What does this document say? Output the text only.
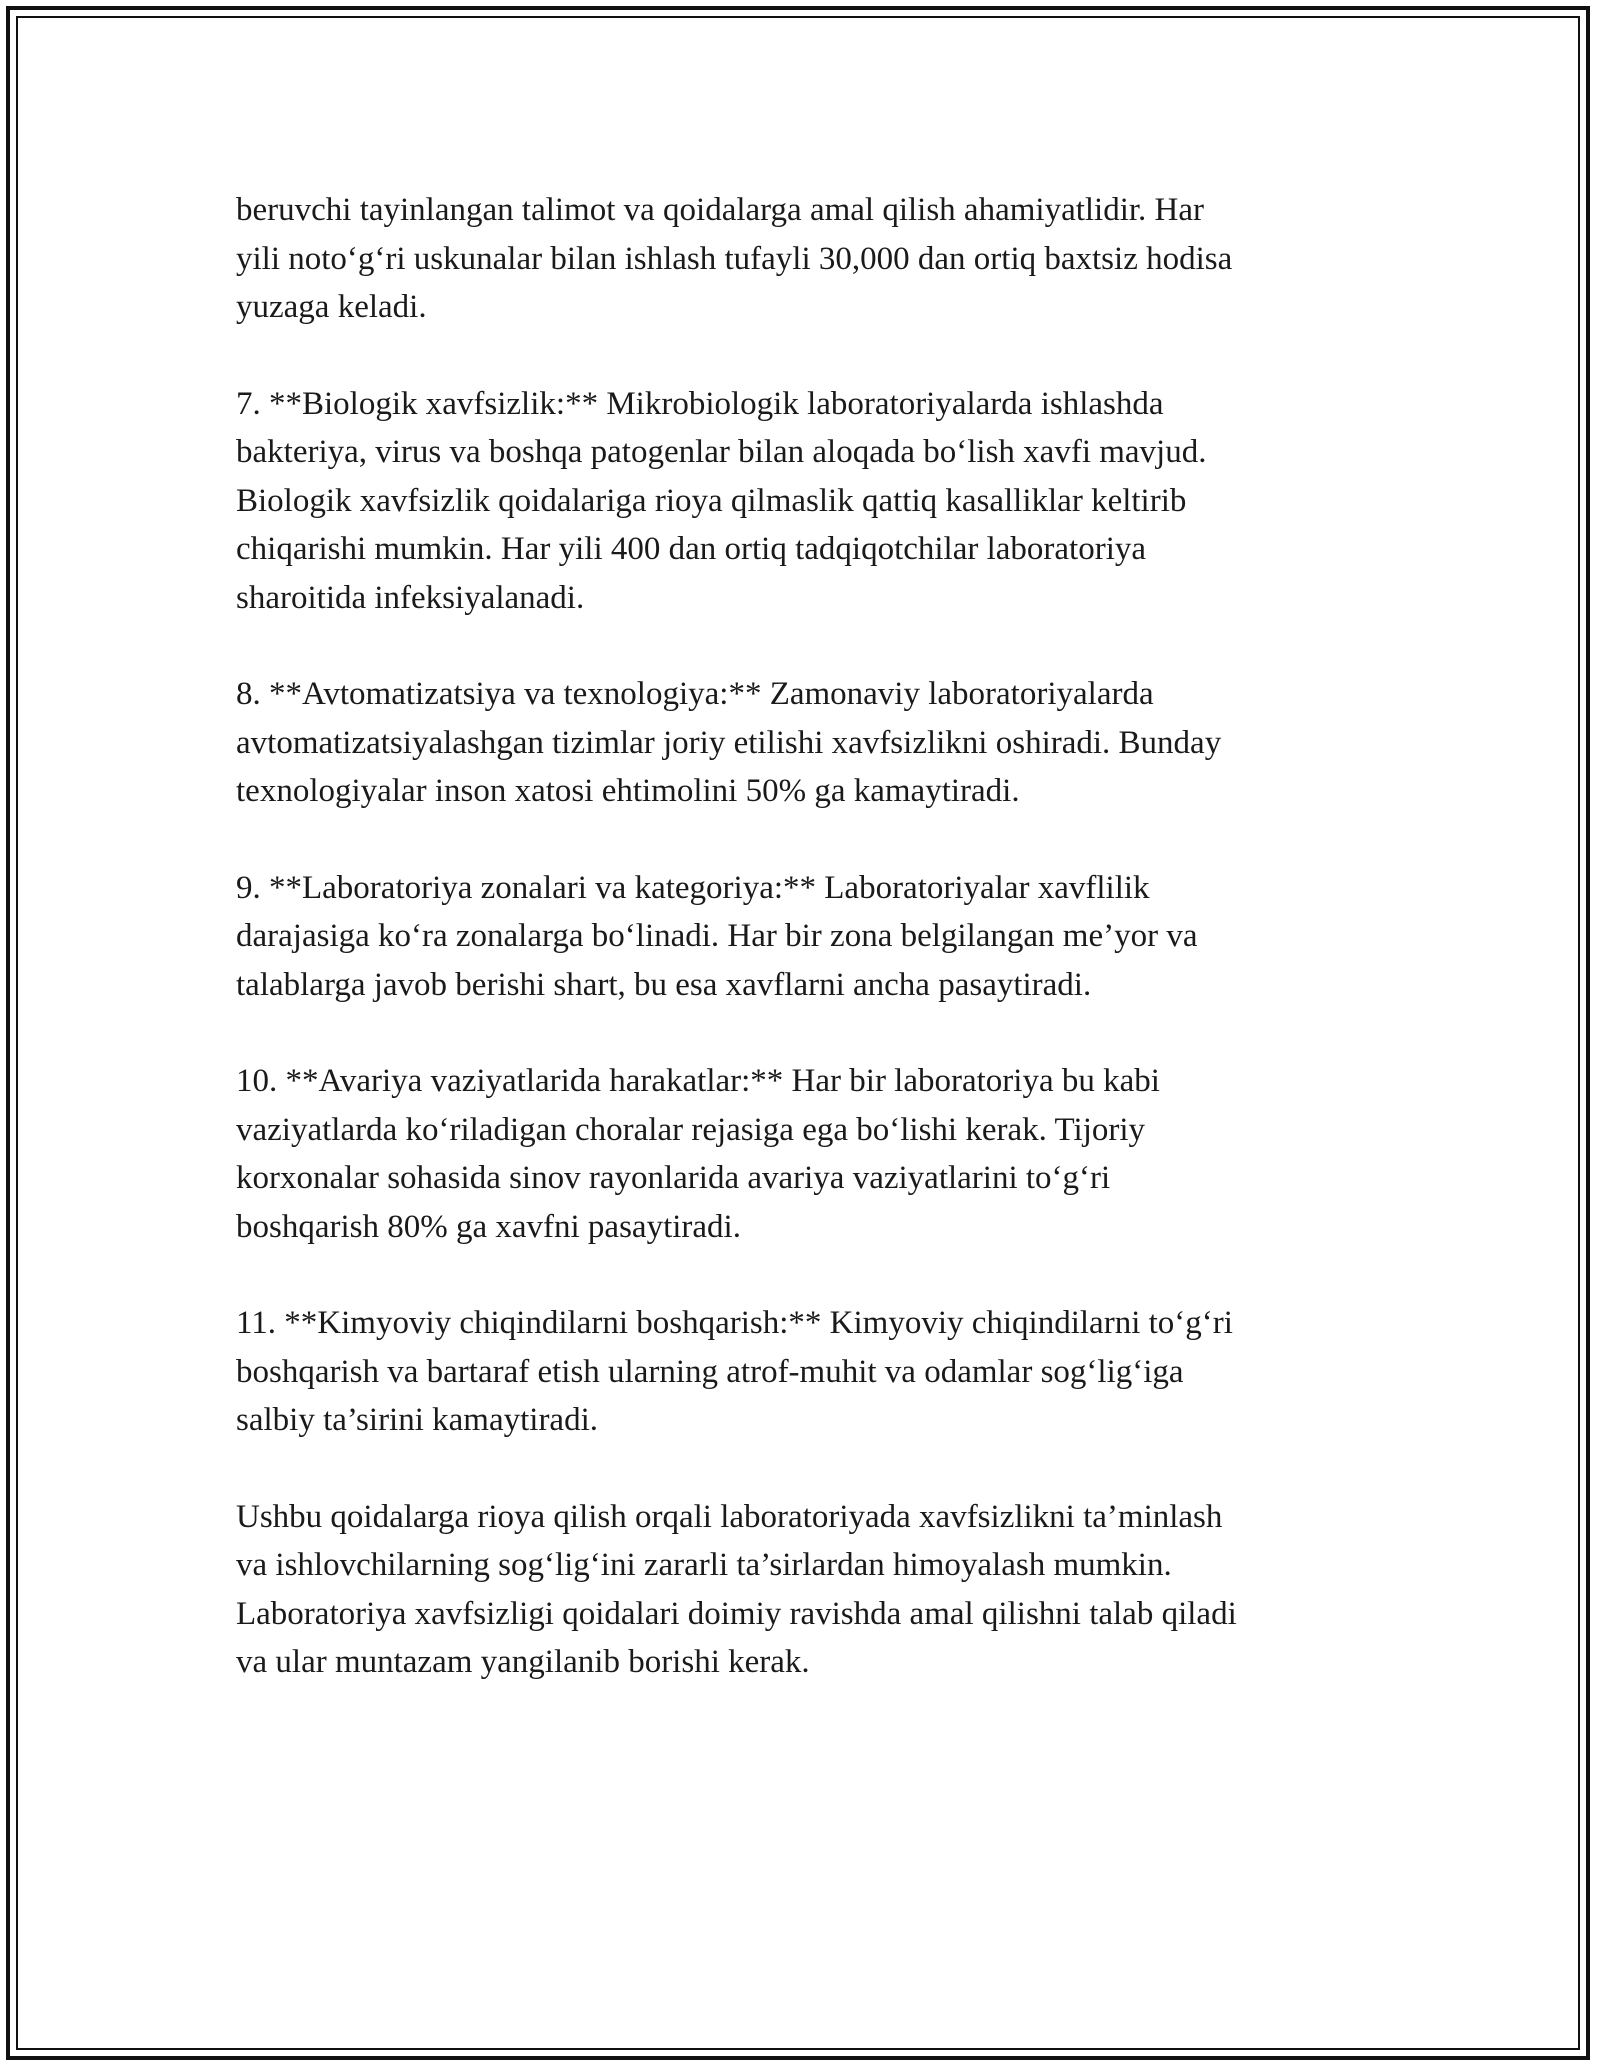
beruvchi tayinlangan talimot va qoidalarga amal qilish ahamiyatlidir. Har
yili noto‘g‘ri uskunalar bilan ishlash tufayli 30,000 dan ortiq baxtsiz hodisa
yuzaga keladi.

7. **Biologik xavfsizlik:** Mikrobiologik laboratoriyalarda ishlashda
bakteriya, virus va boshqa patogenlar bilan aloqada bo‘lish xavfi mavjud.
Biologik xavfsizlik qoidalariga rioya qilmaslik qattiq kasalliklar keltirib
chiqarishi mumkin. Har yili 400 dan ortiq tadqiqotchilar laboratoriya
sharoitida infeksiyalanadi.

8. **Avtomatizatsiya va texnologiya:** Zamonaviy laboratoriyalarda
avtomatizatsiyalashgan tizimlar joriy etilishi xavfsizlikni oshiradi. Bunday
texnologiyalar inson xatosi ehtimolini 50% ga kamaytiradi.

9. **Laboratoriya zonalari va kategoriya:** Laboratoriyalar xavflilik
darajasiga ko‘ra zonalarga bo‘linadi. Har bir zona belgilangan me’yor va
talablarga javob berishi shart, bu esa xavflarni ancha pasaytiradi.

10. **Avariya vaziyatlarida harakatlar:** Har bir laboratoriya bu kabi
vaziyatlarda ko‘riladigan choralar rejasiga ega bo‘lishi kerak. Tijoriy
korxonalar sohasida sinov rayonlarida avariya vaziyatlarini to‘g‘ri
boshqarish 80% ga xavfni pasaytiradi.

11. **Kimyoviy chiqindilarni boshqarish:** Kimyoviy chiqindilarni to‘g‘ri
boshqarish va bartaraf etish ularning atrof-muhit va odamlar sog‘lig‘iga
salbiy ta’sirini kamaytiradi.

Ushbu qoidalarga rioya qilish orqali laboratoriyada xavfsizlikni ta’minlash
va ishlovchilarning sog‘lig‘ini zararli ta’sirlardan himoyalash mumkin.
Laboratoriya xavfsizligi qoidalari doimiy ravishda amal qilishni talab qiladi
va ular muntazam yangilanib borishi kerak.
